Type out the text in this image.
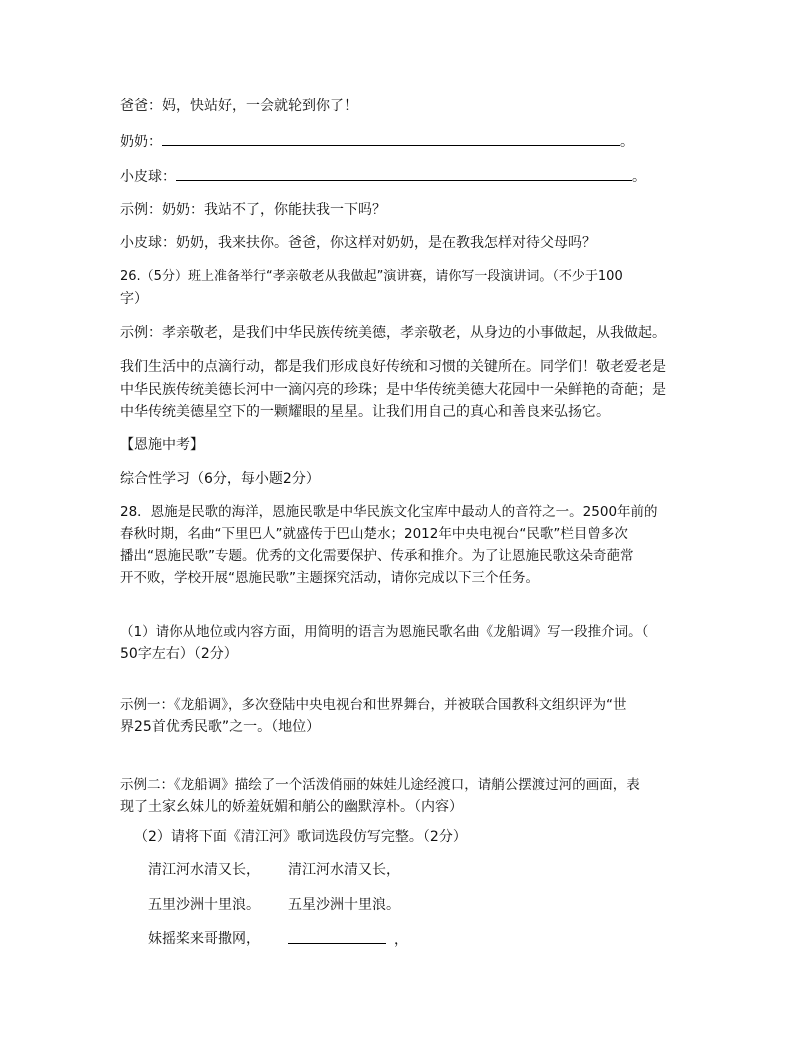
爸爸：妈，快站好，一会就轮到你了！
奶奶：	。
小皮球：	。
示例：奶奶：我站不了，你能扶我一下吗？
小皮球：奶奶，我来扶你。爸爸，你这样对奶奶，是在教我怎样对待父母吗？
26.（5分）班上准备举行“孝亲敬老从我做起”演讲赛，请你写一段演讲词。（不少于100
字）
示例：孝亲敬老，是我们中华民族传统美德，孝亲敬老，从身边的小事做起，从我做起。
我们生活中的点滴行动，都是我们形成良好传统和习惯的关键所在。同学们！敬老爱老是
中华民族传统美德长河中一滴闪亮的珍珠；是中华传统美德大花园中一朵鲜艳的奇葩；是
中华传统美德星空下的一颗耀眼的星星。让我们用自己的真心和善良来弘扬它。
【恩施中考】
综合性学习（6分，每小题2分）
28．恩施是民歌的海洋，恩施民歌是中华民族文化宝库中最动人的音符之一。2500年前的
春秋时期，名曲“下里巴人”就盛传于巴山楚水；2012年中央电视台“民歌”栏目曾多次
播出“恩施民歌”专题。优秀的文化需要保护、传承和推介。为了让恩施民歌这朵奇葩常
开不败，学校开展“恩施民歌”主题探究活动，请你完成以下三个任务。
（1）请你从地位或内容方面，用简明的语言为恩施民歌名曲《龙船调》写一段推介词。（
50字左右）（2分）
示例一：《龙船调》，多次登陆中央电视台和世界舞台，并被联合国教科文组织评为“世
界25首优秀民歌”之一。（地位）
示例二：《龙船调》描绘了一个活泼俏丽的妹娃儿途经渡口，请艄公摆渡过河的画面，表
现了土家幺妹儿的娇羞妩媚和艄公的幽默淳朴。（内容）
（2）请将下面《清江河》歌词选段仿写完整。（2分）
清江河水清又长， 清江河水清又长，
五里沙洲十里浪。 五星沙洲十里浪。
妹摇桨来哥撒网，	，
